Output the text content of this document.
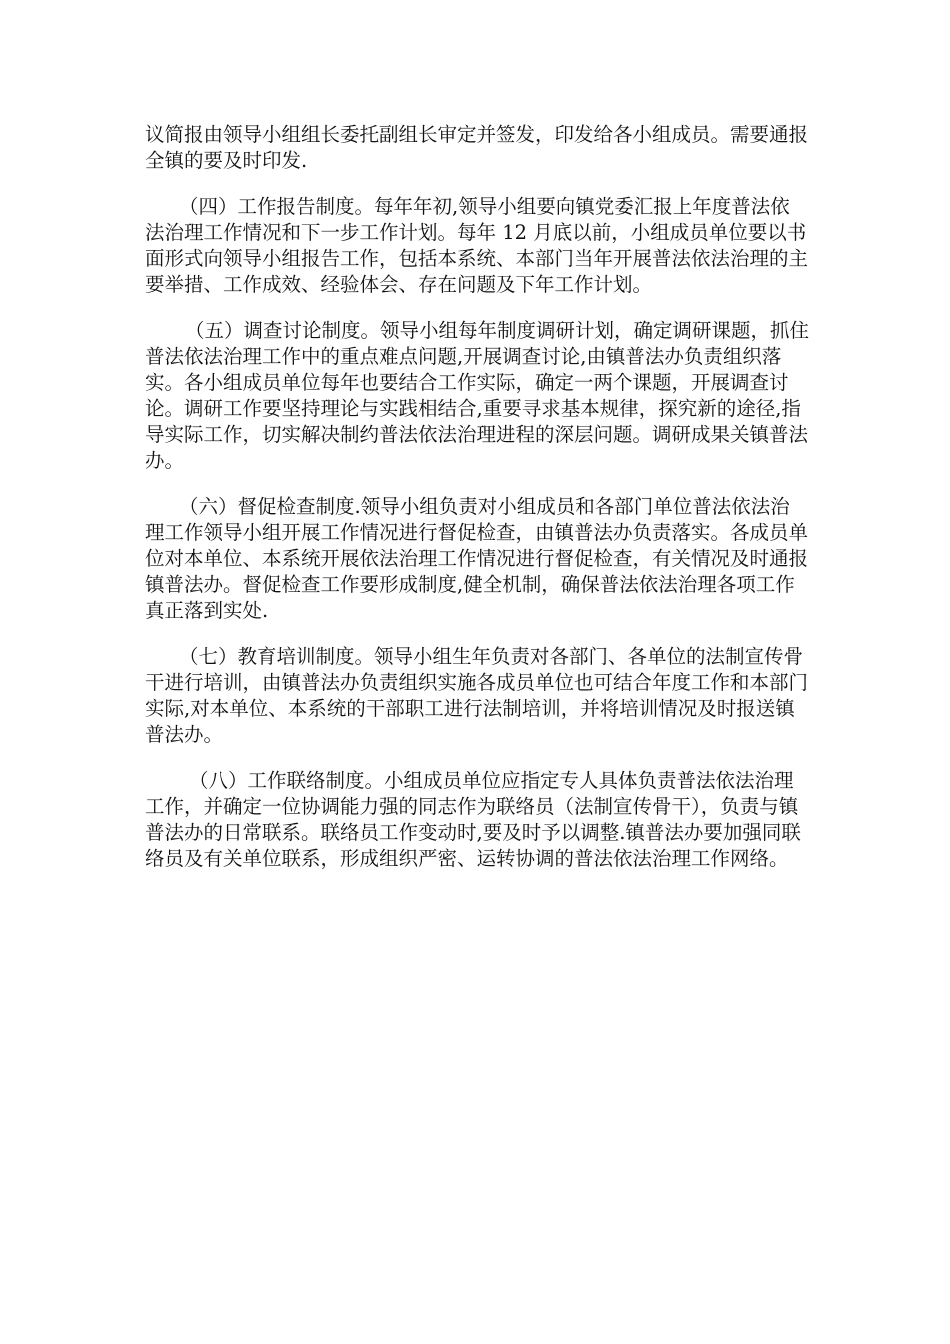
议简报由领导小组组长委托副组长审定并签发，印发给各小组成员。需要通报全镇的要及时印发.

（四）工作报告制度。每年年初,领导小组要向镇党委汇报上年度普法依法治理工作情况和下一步工作计划。每年 12 月底以前，小组成员单位要以书面形式向领导小组报告工作，包括本系统、本部门当年开展普法依法治理的主要举措、工作成效、经验体会、存在问题及下年工作计划。

（五）调查讨论制度。领导小组每年制度调研计划，确定调研课题，抓住普法依法治理工作中的重点难点问题,开展调查讨论,由镇普法办负责组织落实。各小组成员单位每年也要结合工作实际，确定一两个课题，开展调查讨论。调研工作要坚持理论与实践相结合,重要寻求基本规律，探究新的途径,指导实际工作，切实解决制约普法依法治理进程的深层问题。调研成果关镇普法办。

（六）督促检查制度.领导小组负责对小组成员和各部门单位普法依法治理工作领导小组开展工作情况进行督促检查，由镇普法办负责落实。各成员单位对本单位、本系统开展依法治理工作情况进行督促检查，有关情况及时通报镇普法办。督促检查工作要形成制度,健全机制，确保普法依法治理各项工作真正落到实处.

（七）教育培训制度。领导小组生年负责对各部门、各单位的法制宣传骨干进行培训，由镇普法办负责组织实施各成员单位也可结合年度工作和本部门实际,对本单位、本系统的干部职工进行法制培训，并将培训情况及时报送镇普法办。

（八）工作联络制度。小组成员单位应指定专人具体负责普法依法治理工作，并确定一位协调能力强的同志作为联络员（法制宣传骨干），负责与镇普法办的日常联系。联络员工作变动时,要及时予以调整.镇普法办要加强同联络员及有关单位联系，形成组织严密、运转协调的普法依法治理工作网络。
